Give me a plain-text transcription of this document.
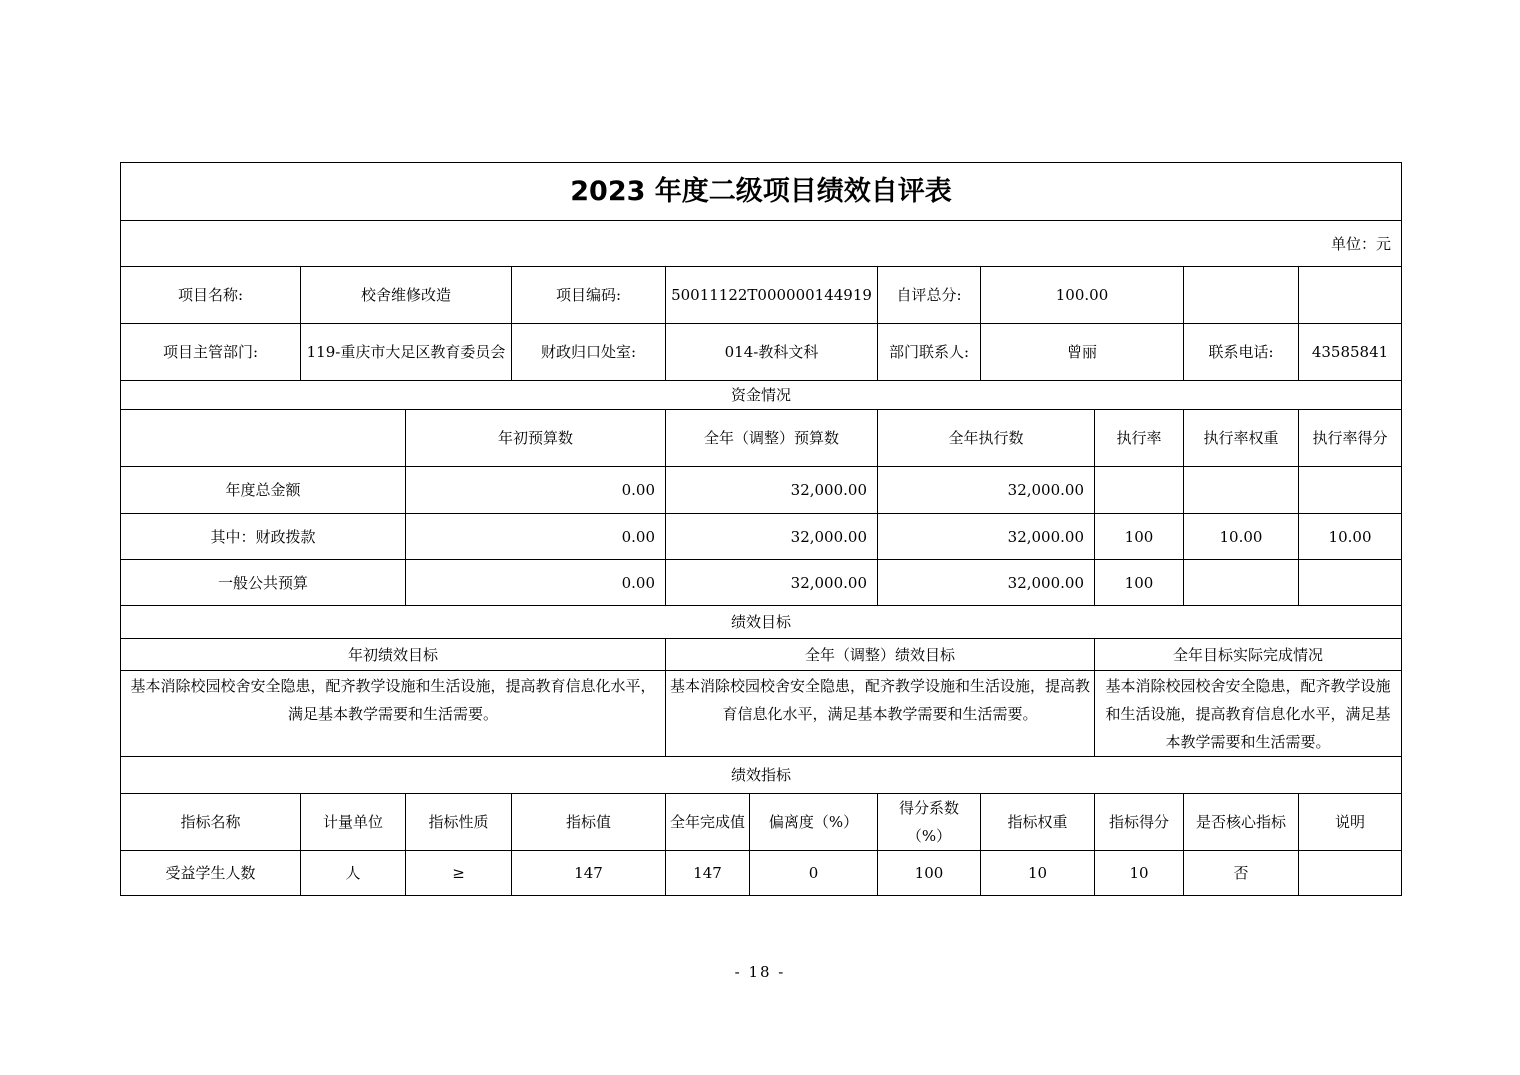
2023 年度二级项目绩效自评表										
单位：元										
项目名称:	校舍维修改造		项目编码:	50011122T000000144919		自评总分:	100.00			
项目主管部门:	119-重庆市大足区教育委员会		财政归口处室:	014-教科文科		部门联系人:	曾丽		联系电话:	43585841
资金情况										
		年初预算数		全年（调整）预算数		全年执行数		执行率	执行率权重	执行率得分
年度总金额		0.00		32,000.00		32,000.00				
其中：财政拨款		0.00		32,000.00		32,000.00		100	10.00	10.00
一般公共预算		0.00		32,000.00		32,000.00		100		
绩效目标										
年初绩效目标				全年（调整）绩效目标				全年目标实际完成情况		
基本消除校园校舍安全隐患，配齐教学设施和生活设施，提高教育信息化水平，满足基本教学需要和生活需要。				基本消除校园校舍安全隐患，配齐教学设施和生活设施，提高教育信息化水平，满足基本教学需要和生活需要。				基本消除校园校舍安全隐患，配齐教学设施和生活设施，提高教育信息化水平，满足基本教学需要和生活需要。		
绩效指标										
指标名称	计量单位	指标性质	指标值	全年完成值	偏离度（%）	得分系数（%）	指标权重	指标得分	是否核心指标	说明
受益学生人数	人	≥	147	147	0	100	10	10	否	
- 18 -
